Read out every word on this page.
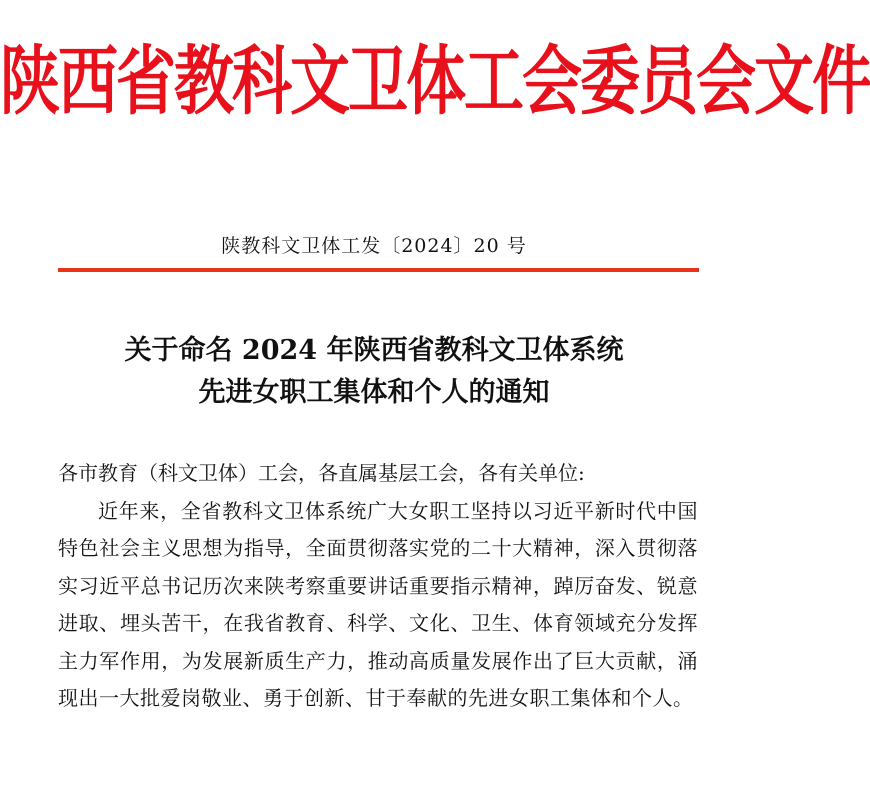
陕西省教科文卫体工会委员会文件
陕教科文卫体工发〔2024〕20 号
关于命名 2024 年陕西省教科文卫体系统
先进女职工集体和个人的通知

各市教育（科文卫体）工会，各直属基层工会，各有关单位:

近年来，全省教科文卫体系统广大女职工坚持以习近平新时代中国特色社会主义思想为指导，全面贯彻落实党的二十大精神，深入贯彻落实习近平总书记历次来陕考察重要讲话重要指示精神，踔厉奋发、锐意进取、埋头苦干，在我省教育、科学、文化、卫生、体育领域充分发挥主力军作用，为发展新质生产力，推动高质量发展作出了巨大贡献，涌现出一大批爱岗敬业、勇于创新、甘于奉献的先进女职工集体和个人。
